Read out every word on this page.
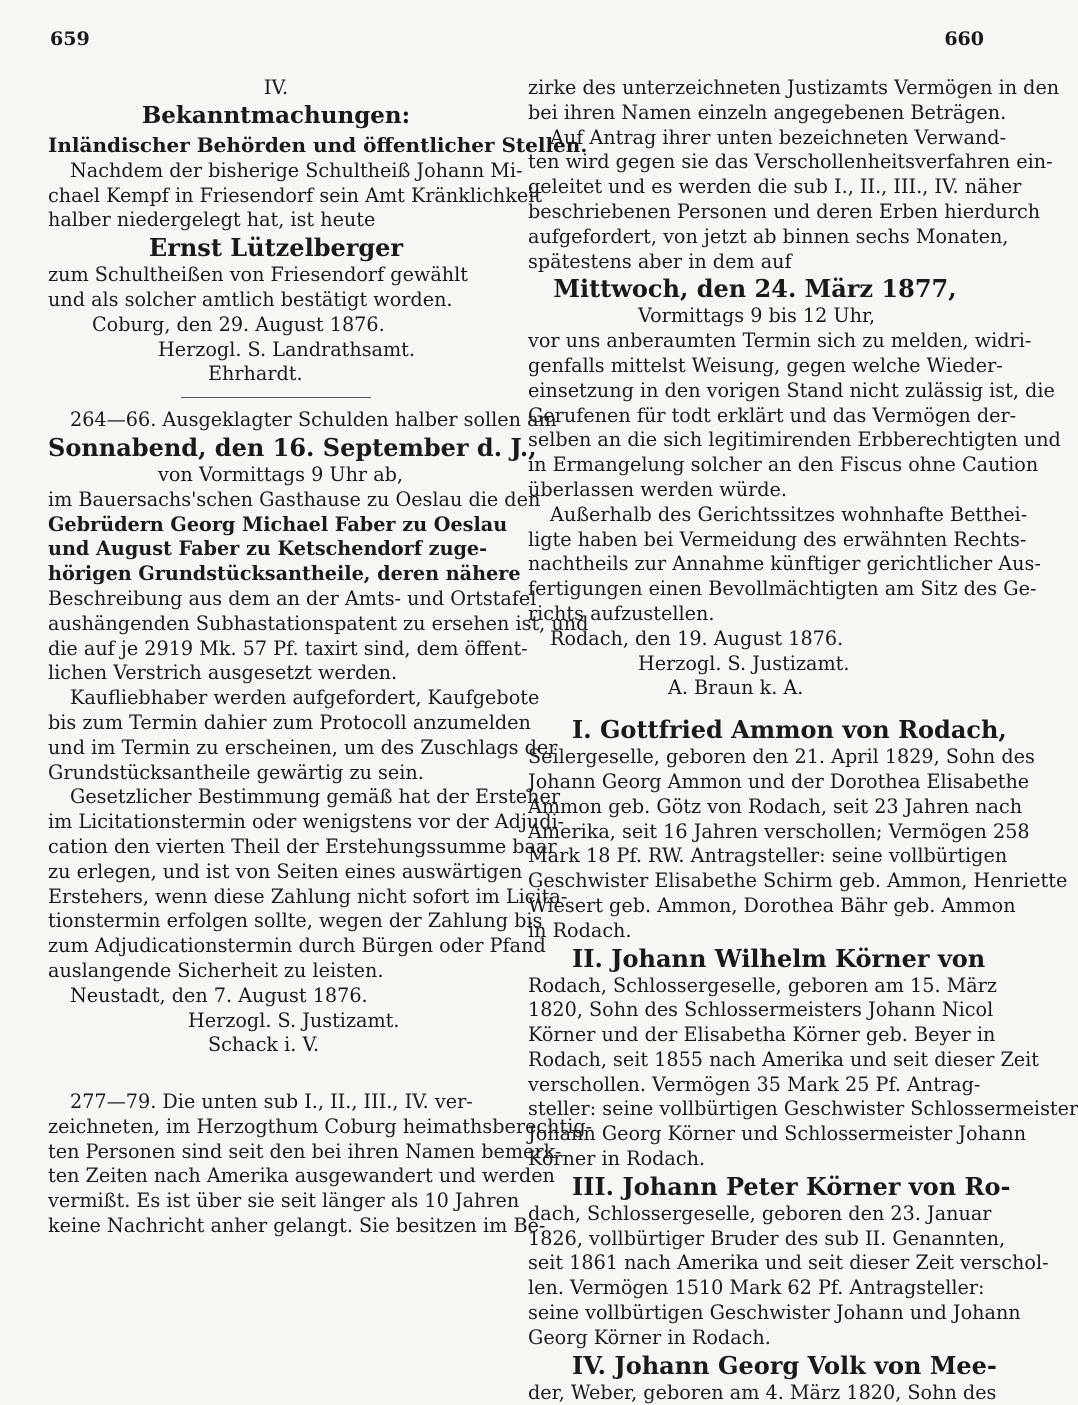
659	660
IV.
Bekanntmachungen:
Inländischer Behörden und öffentlicher Stellen.
Nachdem der bisherige Schultheiß Johann Mi-
chael Kempf in Friesendorf sein Amt Kränklichkeit
halber niedergelegt hat, ist heute
Ernst Lützelberger
zum Schultheißen von Friesendorf gewählt
und als solcher amtlich bestätigt worden.
Coburg, den 29. August 1876.
Herzogl. S. Landrathsamt.
Ehrhardt.
264—66. Ausgeklagter Schulden halber sollen am
Sonnabend, den 16. September d. J.,
von Vormittags 9 Uhr ab,
im Bauersachs'schen Gasthause zu Oeslau die den
Gebrüdern Georg Michael Faber zu Oeslau
und August Faber zu Ketschendorf zuge-
hörigen Grundstücksantheile, deren nähere
Beschreibung aus dem an der Amts- und Ortstafel
aushängenden Subhastationspatent zu ersehen ist, und
die auf je 2919 Mk. 57 Pf. taxirt sind, dem öffent-
lichen Verstrich ausgesetzt werden.
Kaufliebhaber werden aufgefordert, Kaufgebote
bis zum Termin dahier zum Protocoll anzumelden
und im Termin zu erscheinen, um des Zuschlags der
Grundstücksantheile gewärtig zu sein.
Gesetzlicher Bestimmung gemäß hat der Ersteher
im Licitationstermin oder wenigstens vor der Adjudi-
cation den vierten Theil der Erstehungssumme baar
zu erlegen, und ist von Seiten eines auswärtigen
Erstehers, wenn diese Zahlung nicht sofort im Licita-
tionstermin erfolgen sollte, wegen der Zahlung bis
zum Adjudicationstermin durch Bürgen oder Pfand
auslangende Sicherheit zu leisten.
Neustadt, den 7. August 1876.
Herzogl. S. Justizamt.
Schack i. V.
277—79. Die unten sub I., II., III., IV. ver-
zeichneten, im Herzogthum Coburg heimathsberechtig-
ten Personen sind seit den bei ihren Namen bemerk-
ten Zeiten nach Amerika ausgewandert und werden
vermißt. Es ist über sie seit länger als 10 Jahren
keine Nachricht anher gelangt. Sie besitzen im Be-
zirke des unterzeichneten Justizamts Vermögen in den
bei ihren Namen einzeln angegebenen Beträgen.
Auf Antrag ihrer unten bezeichneten Verwand-
ten wird gegen sie das Verschollenheitsverfahren ein-
geleitet und es werden die sub I., II., III., IV. näher
beschriebenen Personen und deren Erben hierdurch
aufgefordert, von jetzt ab binnen sechs Monaten,
spätestens aber in dem auf
Mittwoch, den 24. März 1877,
Vormittags 9 bis 12 Uhr,
vor uns anberaumten Termin sich zu melden, widri-
genfalls mittelst Weisung, gegen welche Wieder-
einsetzung in den vorigen Stand nicht zulässig ist, die
Gerufenen für todt erklärt und das Vermögen der-
selben an die sich legitimirenden Erbberechtigten und
in Ermangelung solcher an den Fiscus ohne Caution
überlassen werden würde.
Außerhalb des Gerichtssitzes wohnhafte Betthei-
ligte haben bei Vermeidung des erwähnten Rechts-
nachtheils zur Annahme künftiger gerichtlicher Aus-
fertigungen einen Bevollmächtigten am Sitz des Ge-
richts aufzustellen.
Rodach, den 19. August 1876.
Herzogl. S. Justizamt.
A. Braun k. A.
I. Gottfried Ammon von Rodach,
Seilergeselle, geboren den 21. April 1829, Sohn des
Johann Georg Ammon und der Dorothea Elisabethe
Ammon geb. Götz von Rodach, seit 23 Jahren nach
Amerika, seit 16 Jahren verschollen; Vermögen 258
Mark 18 Pf. RW. Antragsteller: seine vollbürtigen
Geschwister Elisabethe Schirm geb. Ammon, Henriette
Wiesert geb. Ammon, Dorothea Bähr geb. Ammon
in Rodach.
II. Johann Wilhelm Körner von
Rodach, Schlossergeselle, geboren am 15. März
1820, Sohn des Schlossermeisters Johann Nicol
Körner und der Elisabetha Körner geb. Beyer in
Rodach, seit 1855 nach Amerika und seit dieser Zeit
verschollen. Vermögen 35 Mark 25 Pf. Antrag-
steller: seine vollbürtigen Geschwister Schlossermeister
Johann Georg Körner und Schlossermeister Johann
Körner in Rodach.
III. Johann Peter Körner von Ro-
dach, Schlossergeselle, geboren den 23. Januar
1826, vollbürtiger Bruder des sub II. Genannten,
seit 1861 nach Amerika und seit dieser Zeit verschol-
len. Vermögen 1510 Mark 62 Pf. Antragsteller:
seine vollbürtigen Geschwister Johann und Johann
Georg Körner in Rodach.
IV. Johann Georg Volk von Mee-
der, Weber, geboren am 4. März 1820, Sohn des
